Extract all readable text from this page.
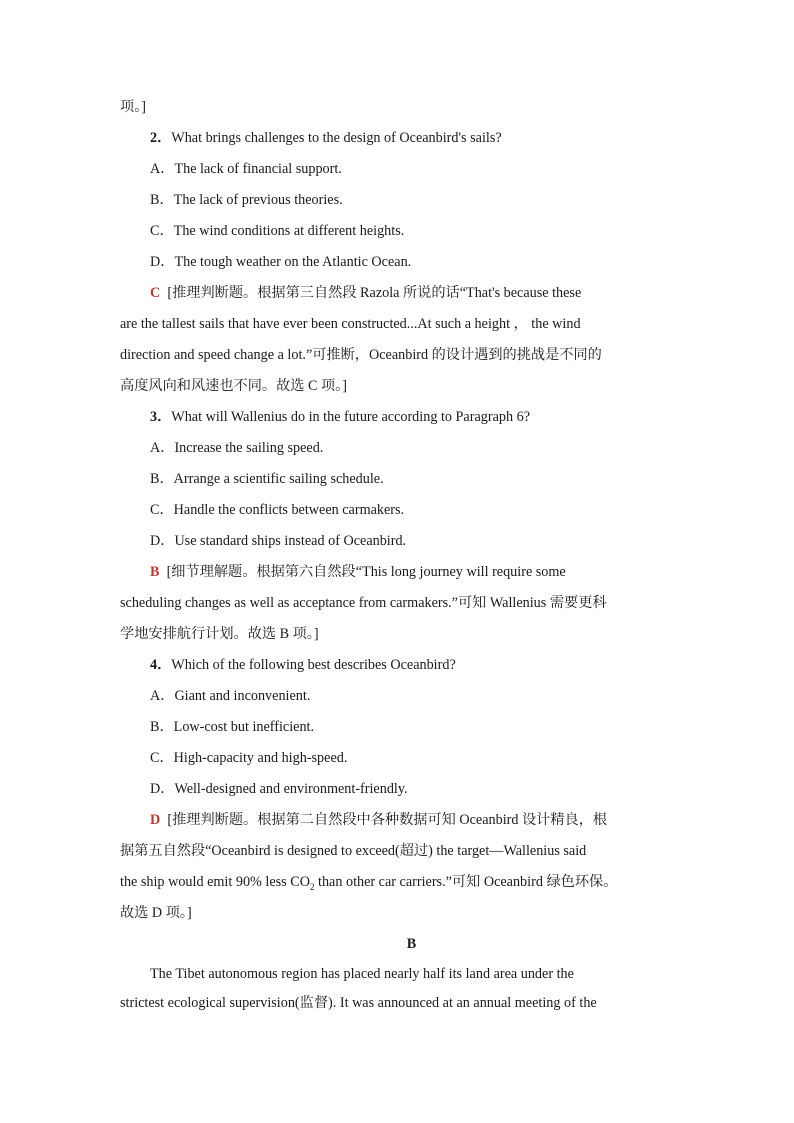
项。]
2．What brings challenges to the design of Oceanbird's sails?
A．The lack of financial support.
B．The lack of previous theories.
C．The wind conditions at different heights.
D．The tough weather on the Atlantic Ocean.
C [推理判断题。根据第三自然段 Razola 所说的话“That's because these
are the tallest sails that have ever been constructed...At such a height ， the wind
direction and speed change a lot.”可推断，Oceanbird 的设计遇到的挑战是不同的
高度风向和风速也不同。故选 C 项。]
3．What will Wallenius do in the future according to Paragraph 6?
A．Increase the sailing speed.
B．Arrange a scientific sailing schedule.
C．Handle the conflicts between carmakers.
D．Use standard ships instead of Oceanbird.
B [细节理解题。根据第六自然段“This long journey will require some
scheduling changes as well as acceptance from carmakers.”可知 Wallenius 需要更科
学地安排航行计划。故选 B 项。]
4．Which of the following best describes Oceanbird?
A．Giant and inconvenient.
B．Low-cost but inefficient.
C．High-capacity and high-speed.
D．Well-designed and environment-friendly.
D [推理判断题。根据第二自然段中各种数据可知 Oceanbird 设计精良，根
据第五自然段“Oceanbird is designed to exceed(超过) the target—Wallenius said
the ship would emit 90% less $CO_2$ than other car carriers.”可知 Oceanbird 绿色环保。
故选 D 项。]
B
The Tibet autonomous region has placed nearly half its land area under the
strictest ecological supervision(监督). It was announced at an annual meeting of the
